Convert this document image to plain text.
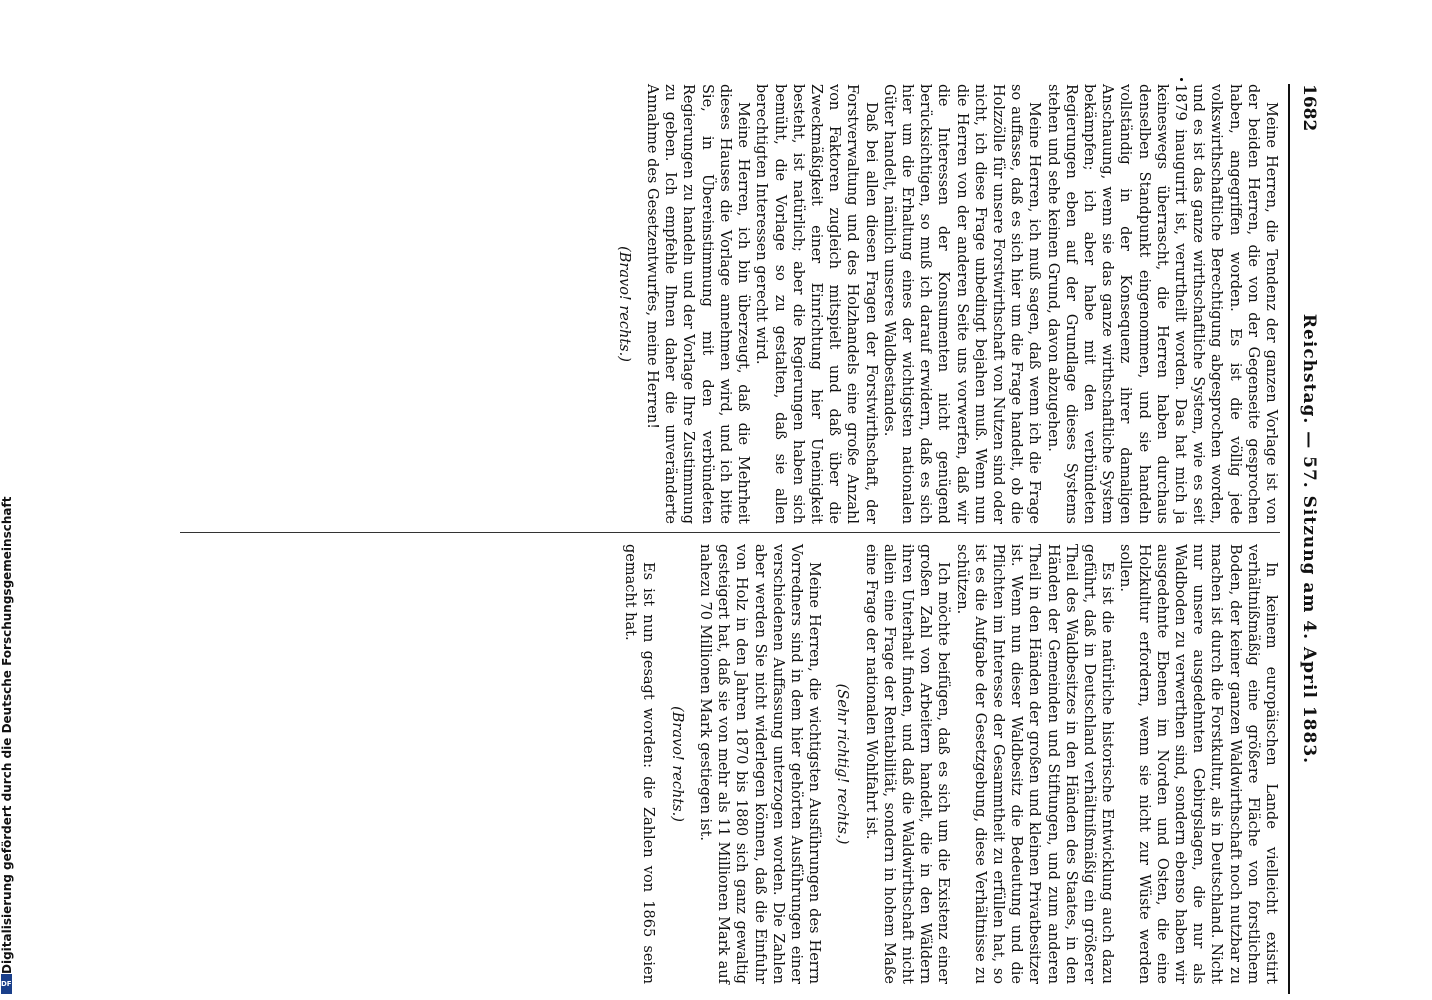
1682
Reichstag. — 57. Sitzung am 4. April 1883.

Meine Herren, die Tendenz der ganzen Vorlage ist von der beiden Herren, die von der Gegenseite gesprochen haben, angegriffen worden. Es ist die völlig jede volkswirthschaftliche Berechtigung abgesprochen worden, und es ist das ganze wirthschaftliche System, wie es seit 1879 inaugurirt ist, verurtheilt worden. Das hat mich ja keineswegs überrascht, die Herren haben durchaus denselben Standpunkt eingenommen, und sie handeln vollständig in der Konsequenz ihrer damaligen Anschauung, wenn sie das ganze wirthschaftliche System bekämpfen; ich aber habe mit den verbündeten Regierungen eben auf der Grundlage dieses Systems stehen und sehe keinen Grund, davon abzugehen.

Meine Herren, ich muß sagen, daß wenn ich die Frage so auffasse, daß es sich hier um die Frage handelt, ob die Holzzölle für unsere Forstwirthschaft von Nutzen sind oder nicht, ich diese Frage unbedingt bejahen muß. Wenn nun die Herren von der anderen Seite uns vorwerfen, daß wir die Interessen der Konsumenten nicht genügend berücksichtigen, so muß ich darauf erwidern, daß es sich hier um die Erhaltung eines der wichtigsten nationalen Güter handelt, nämlich unseres Waldbestandes.

Daß bei allen diesen Fragen der Forstwirthschaft, der Forstverwaltung und des Holzhandels eine große Anzahl von Faktoren zugleich mitspielt und daß über die Zweckmäßigkeit einer Einrichtung hier Uneinigkeit besteht, ist natürlich; aber die Regierungen haben sich bemüht, die Vorlage so zu gestalten, daß sie allen berechtigten Interessen gerecht wird.

Meine Herren, ich bin überzeugt, daß die Mehrheit dieses Hauses die Vorlage annehmen wird, und ich bitte Sie, in Übereinstimmung mit den verbündeten Regierungen zu handeln und der Vorlage Ihre Zustimmung zu geben. Ich empfehle Ihnen daher die unveränderte Annahme des Gesetzentwurfes, meine Herren!

(Bravo! rechts.)

In keinem europäischen Lande vielleicht existirt verhältnißmäßig eine größere Fläche von forstlichem Boden, der keiner ganzen Waldwirthschaft noch nutzbar zu machen ist durch die Forstkultur, als in Deutschland. Nicht nur unsere ausgedehnten Gebirgslagen, die nur als Waldboden zu verwerthen sind, sondern ebenso haben wir ausgedehnte Ebenen im Norden und Osten, die eine Holzkultur erfordern, wenn sie nicht zur Wüste werden sollen.

Es ist die natürliche historische Entwicklung auch dazu geführt, daß in Deutschland verhältnißmäßig ein größerer Theil des Waldbesitzes in den Händen des Staates, in den Händen der Gemeinden und Stiftungen, und zum anderen Theil in den Händen der großen und kleinen Privatbesitzer ist. Wenn nun dieser Waldbesitz die Bedeutung und die Pflichten im Interesse der Gesammtheit zu erfüllen hat, so ist es die Aufgabe der Gesetzgebung, diese Verhältnisse zu schützen.

Ich möchte beifügen, daß es sich um die Existenz einer großen Zahl von Arbeitern handelt, die in den Wäldern ihren Unterhalt finden, und daß die Waldwirthschaft nicht allein eine Frage der Rentabilität, sondern in hohem Maße eine Frage der nationalen Wohlfahrt ist.

(Sehr richtig! rechts.)

Meine Herren, die wichtigsten Ausführungen des Herrn Vorredners sind in dem hier gehörten Ausführungen einer verschiedenen Auffassung unterzogen worden. Die Zahlen aber werden Sie nicht widerlegen können, daß die Einfuhr von Holz in den Jahren 1870 bis 1880 sich ganz gewaltig gesteigert hat, daß sie von mehr als 11 Millionen Mark auf nahezu 70 Millionen Mark gestiegen ist.

(Bravo! rechts.)

Es ist nun gesagt worden: die Zahlen von 1865 seien gemacht hat.

Digitalisierung gefördert durch die Deutsche Forschungsgemeinschaft
DFG
